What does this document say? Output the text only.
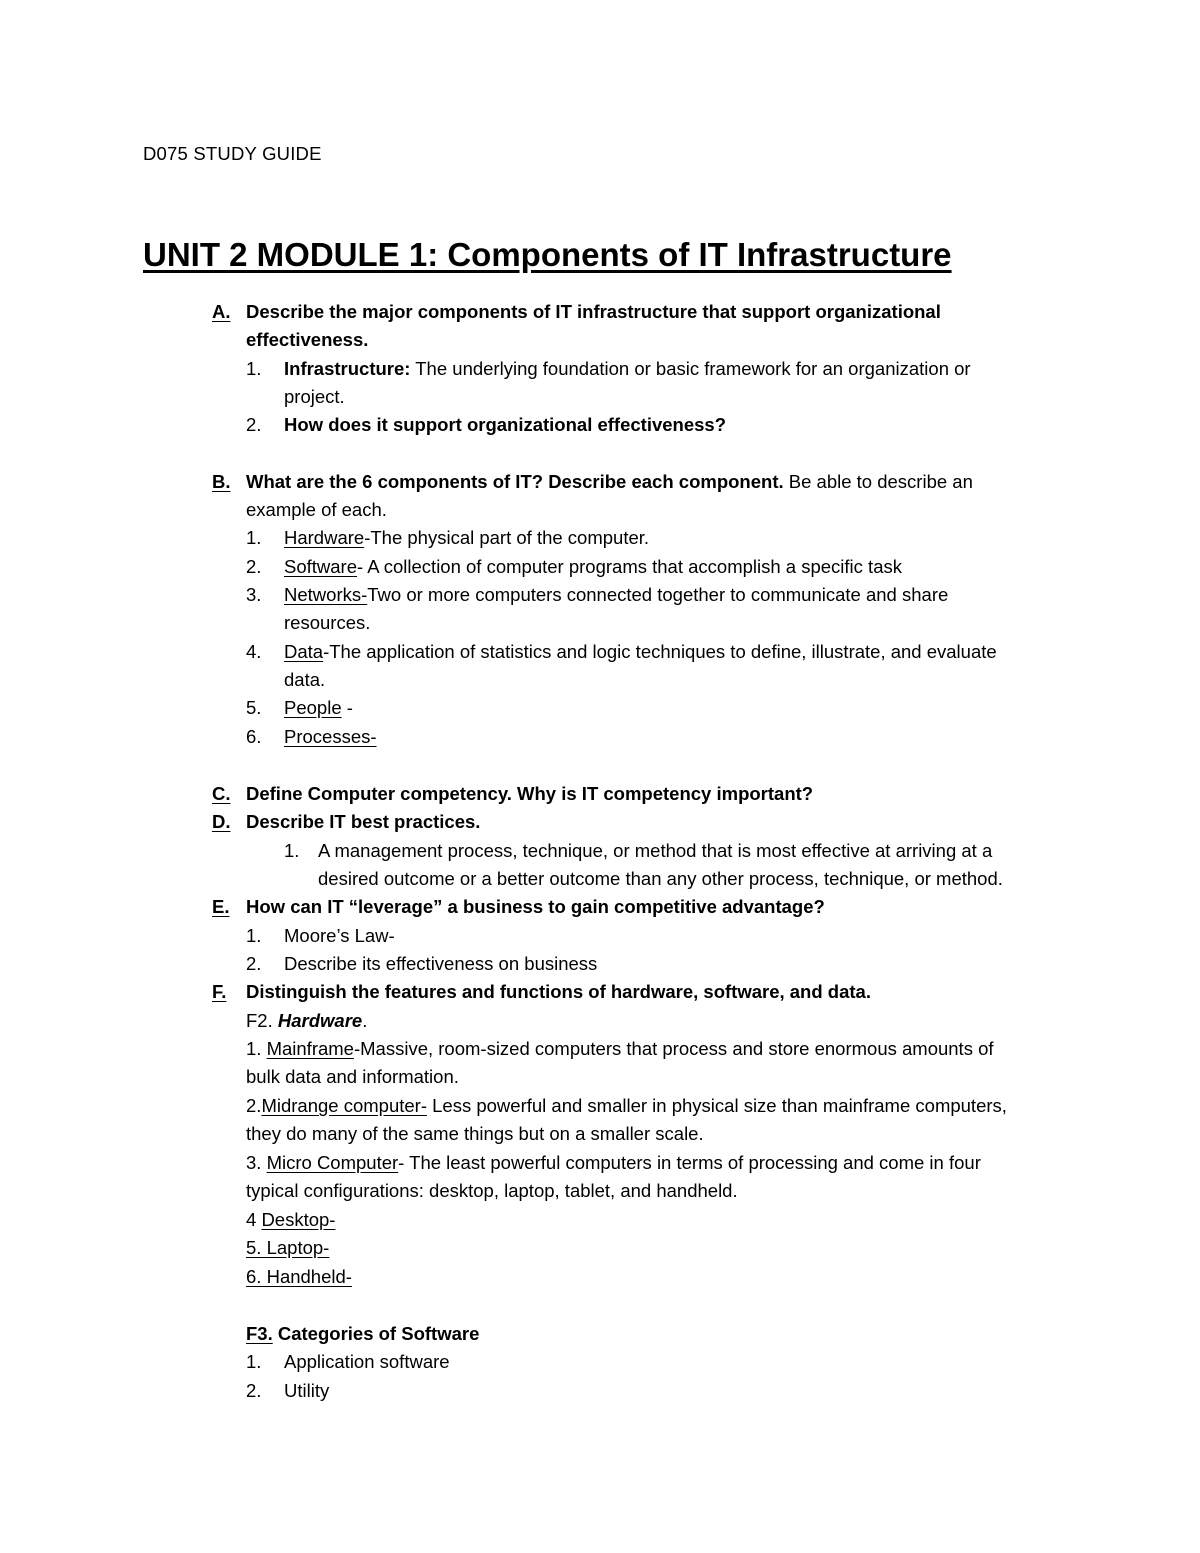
D075 STUDY GUIDE
UNIT 2 MODULE 1: Components of IT Infrastructure
A. Describe the major components of IT infrastructure that support organizational
effectiveness.
1. Infrastructure: The underlying foundation or basic framework for an organization or
project.
2. How does it support organizational effectiveness?
B. What are the 6 components of IT? Describe each component. Be able to describe an
example of each.
1. Hardware-The physical part of the computer.
2. Software- A collection of computer programs that accomplish a specific task
3. Networks-Two or more computers connected together to communicate and share
resources.
4. Data-The application of statistics and logic techniques to define, illustrate, and evaluate
data.
5. People -
6. Processes-
C. Define Computer competency. Why is IT competency important?
D. Describe IT best practices.
1. A management process, technique, or method that is most effective at arriving at a
desired outcome or a better outcome than any other process, technique, or method.
E. How can IT “leverage” a business to gain competitive advantage?
1. Moore’s Law-
2. Describe its effectiveness on business
F. Distinguish the features and functions of hardware, software, and data.
F2. Hardware.
1. Mainframe-Massive, room-sized computers that process and store enormous amounts of
bulk data and information.
2.Midrange computer- Less powerful and smaller in physical size than mainframe computers,
they do many of the same things but on a smaller scale.
3. Micro Computer- The least powerful computers in terms of processing and come in four
typical configurations: desktop, laptop, tablet, and handheld.
4 Desktop-
5. Laptop-
6. Handheld-
F3. Categories of Software
1. Application software
2. Utility
